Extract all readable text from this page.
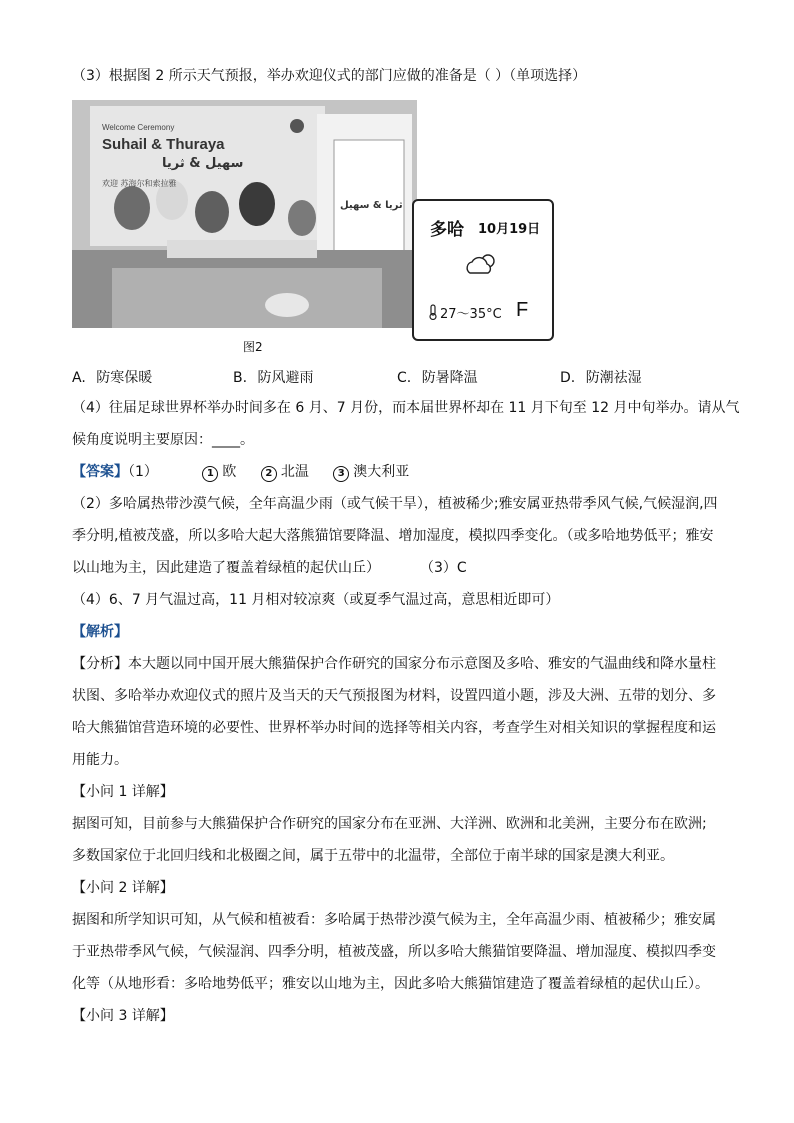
（3）根据图 2 所示天气预报，举办欢迎仪式的部门应做的准备是（ ）（单项选择）
Welcome Ceremony
Suhail & Thuraya
سهيل & ثريا
欢迎 苏海尔和索拉雅
ثريا & سهيل
多哈 10月19日
27～35°C F
图2
A. 防寒保暖	B. 防风避雨	C. 防暑降温	D. 防潮祛湿
（4）往届足球世界杯举办时间多在 6 月、7 月份，而本届世界杯却在 11 月下旬至 12 月中旬举办。请从气
候角度说明主要原因：____。
【答案】（1）	1 欧	2 北温	3 澳大利亚
（2）多哈属热带沙漠气候，全年高温少雨（或气候干旱），植被稀少;雅安属亚热带季风气候,气候湿润,四
季分明,植被茂盛，所以多哈大起大落熊猫馆要降温、增加湿度，模拟四季变化。（或多哈地势低平；雅安
以山地为主，因此建造了覆盖着绿植的起伏山丘）	（3）C
（4）6、7 月气温过高，11 月相对较凉爽（或夏季气温过高，意思相近即可）
【解析】
【分析】本大题以同中国开展大熊猫保护合作研究的国家分布示意图及多哈、雅安的气温曲线和降水量柱
状图、多哈举办欢迎仪式的照片及当天的天气预报图为材料，设置四道小题，涉及大洲、五带的划分、多
哈大熊猫馆营造环境的必要性、世界杯举办时间的选择等相关内容，考查学生对相关知识的掌握程度和运
用能力。
【小问 1 详解】
据图可知，目前参与大熊猫保护合作研究的国家分布在亚洲、大洋洲、欧洲和北美洲，主要分布在欧洲;
多数国家位于北回归线和北极圈之间，属于五带中的北温带，全部位于南半球的国家是澳大利亚。
【小问 2 详解】
据图和所学知识可知，从气候和植被看：多哈属于热带沙漠气候为主，全年高温少雨、植被稀少；雅安属
于亚热带季风气候，气候湿润、四季分明，植被茂盛，所以多哈大熊猫馆要降温、增加湿度、模拟四季变
化等（从地形看：多哈地势低平；雅安以山地为主，因此多哈大熊猫馆建造了覆盖着绿植的起伏山丘）。
【小问 3 详解】
